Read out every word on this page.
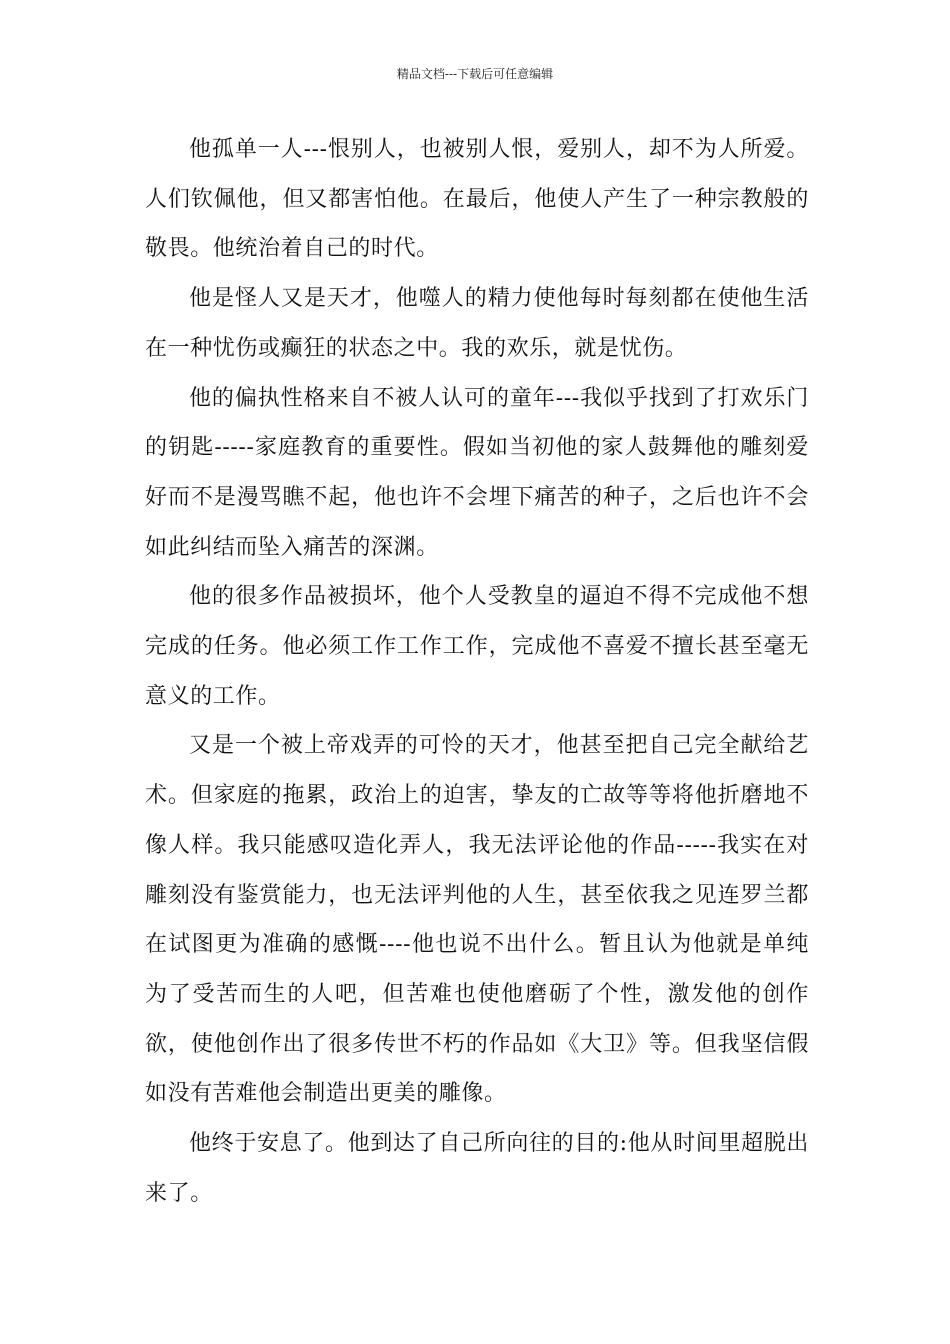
精品文档---下载后可任意编辑

他孤单一人---恨别人，也被别人恨，爱别人，却不为人所爱。人们钦佩他，但又都害怕他。在最后，他使人产生了一种宗教般的敬畏。他统治着自己的时代。

他是怪人又是天才，他噬人的精力使他每时每刻都在使他生活在一种忧伤或癫狂的状态之中。我的欢乐，就是忧伤。

他的偏执性格来自不被人认可的童年---我似乎找到了打欢乐门的钥匙-----家庭教育的重要性。假如当初他的家人鼓舞他的雕刻爱好而不是漫骂瞧不起，他也许不会埋下痛苦的种子，之后也许不会如此纠结而坠入痛苦的深渊。

他的很多作品被损坏，他个人受教皇的逼迫不得不完成他不想完成的任务。他必须工作工作工作，完成他不喜爱不擅长甚至毫无意义的工作。

又是一个被上帝戏弄的可怜的天才，他甚至把自己完全献给艺术。但家庭的拖累，政治上的迫害，挚友的亡故等等将他折磨地不像人样。我只能感叹造化弄人，我无法评论他的作品-----我实在对雕刻没有鉴赏能力，也无法评判他的人生，甚至依我之见连罗兰都在试图更为准确的感慨----他也说不出什么。暂且认为他就是单纯为了受苦而生的人吧，但苦难也使他磨砺了个性，激发他的创作欲，使他创作出了很多传世不朽的作品如《大卫》等。但我坚信假如没有苦难他会制造出更美的雕像。

他终于安息了。他到达了自己所向往的目的:他从时间里超脱出来了。
